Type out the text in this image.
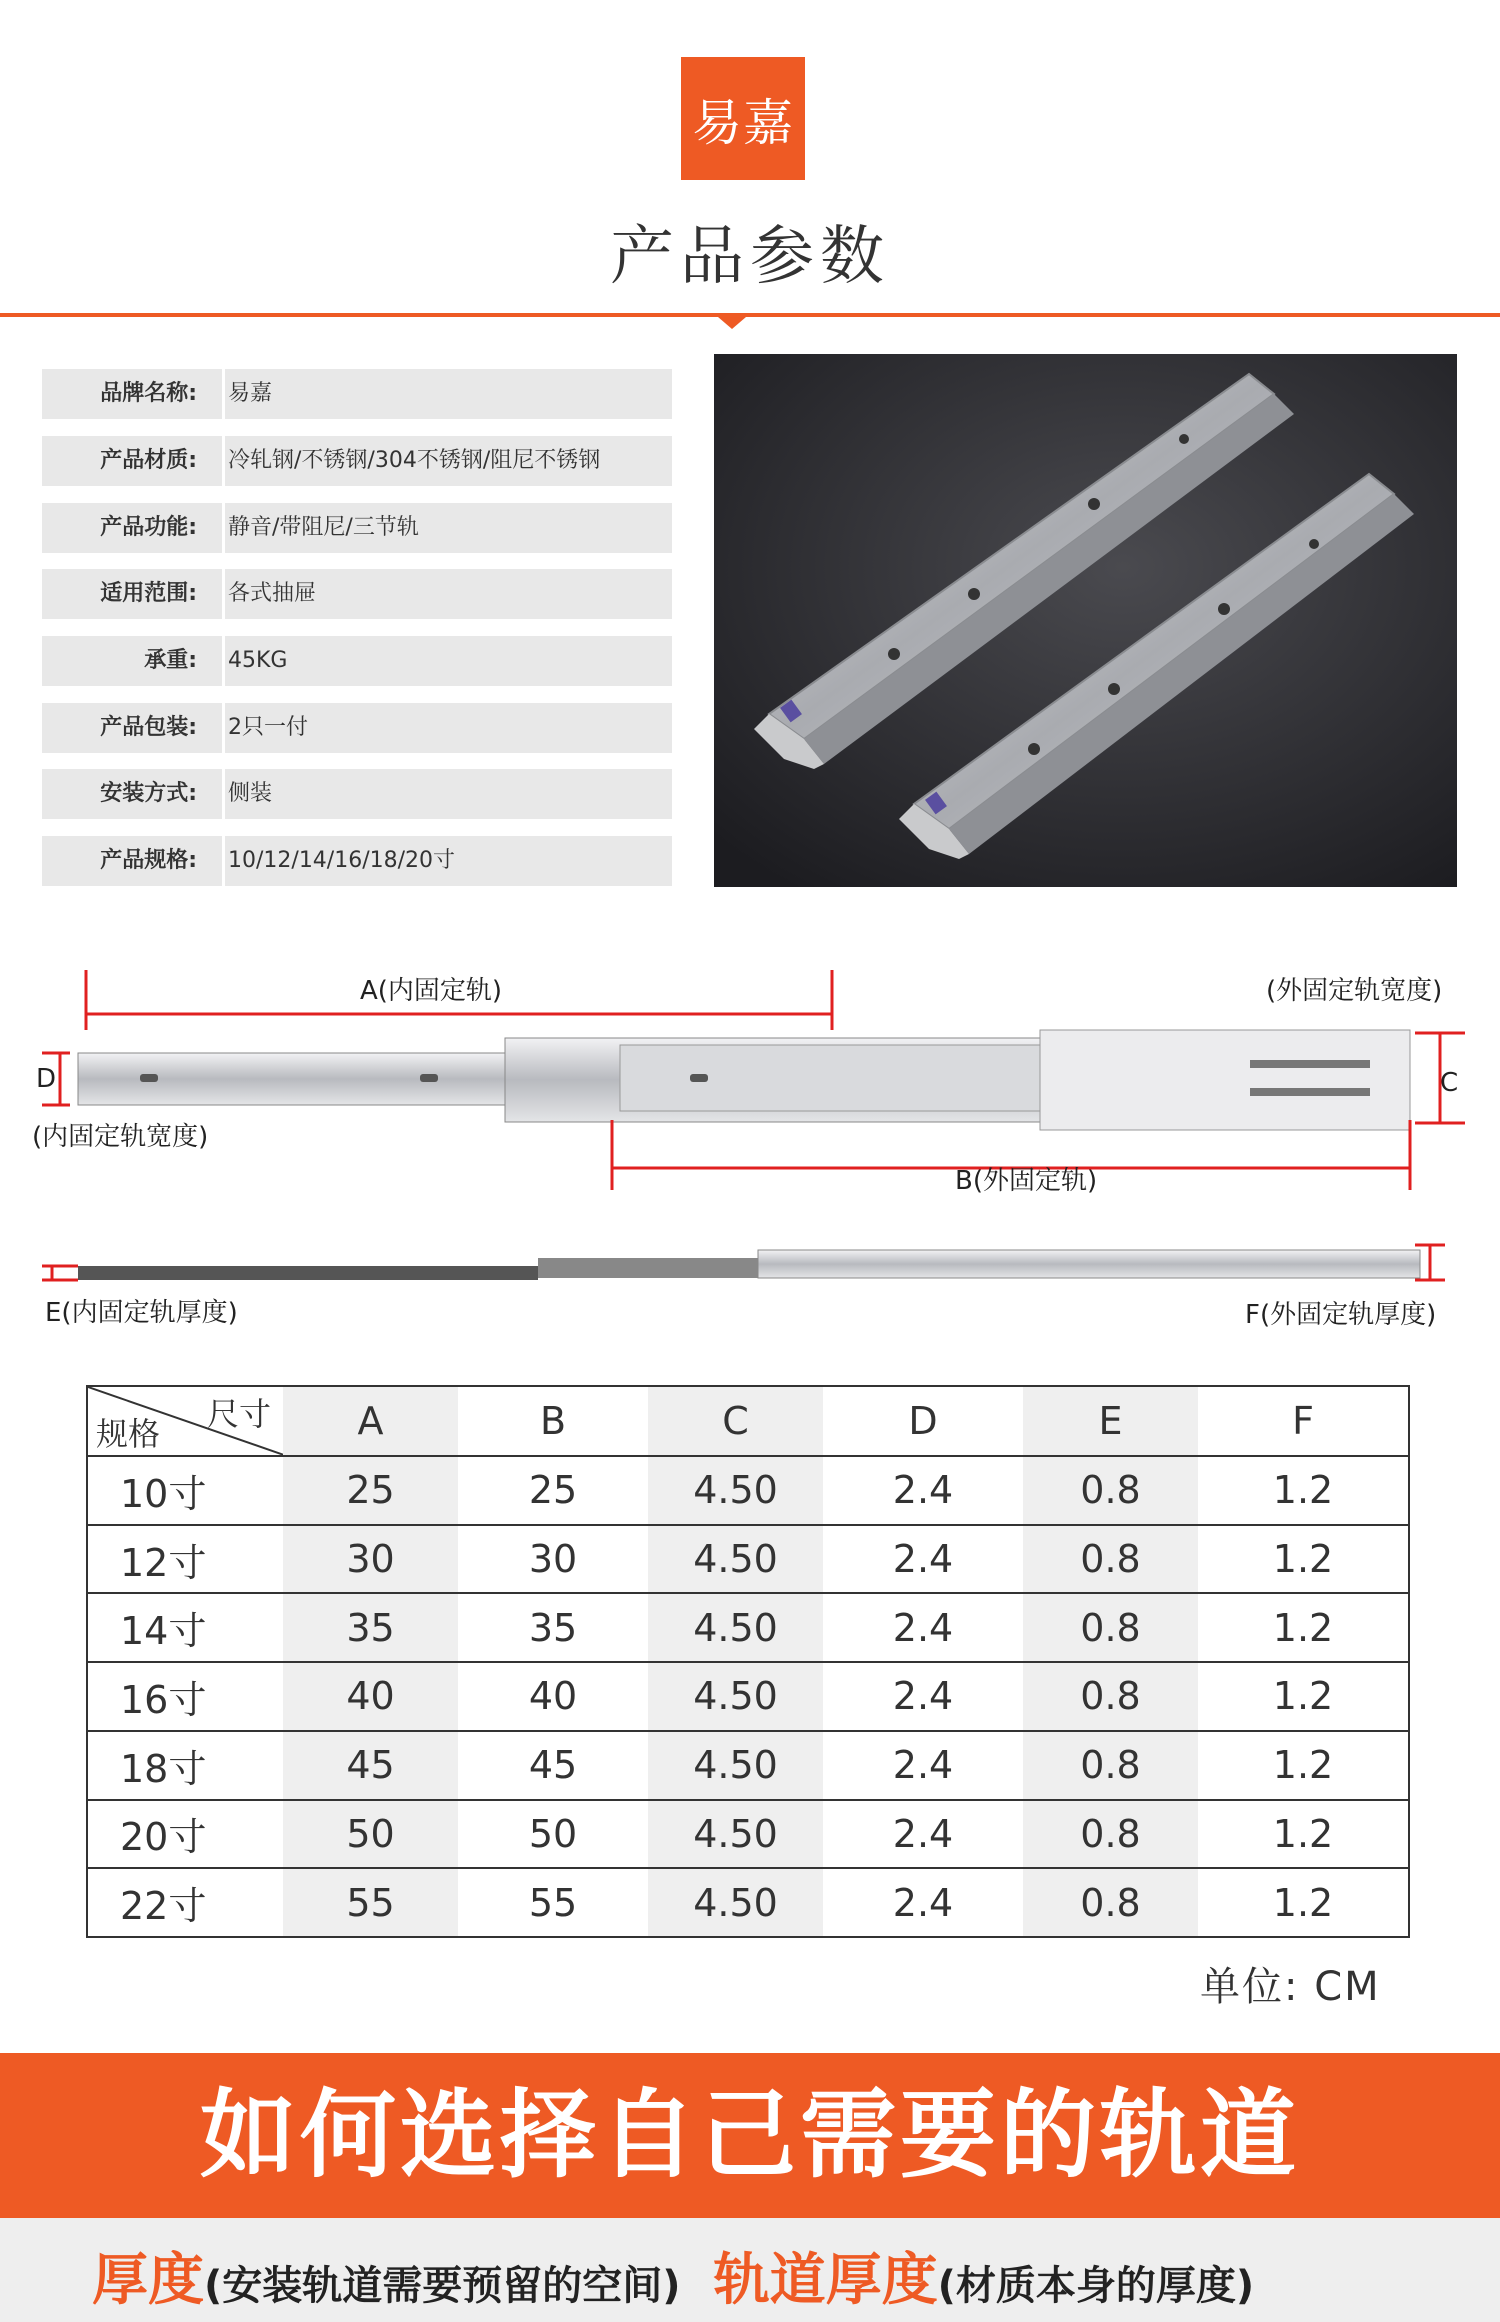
易嘉
产品参数
品牌名称: 易嘉
产品材质: 冷轧钢/不锈钢/304不锈钢/阻尼不锈钢
产品功能: 静音/带阻尼/三节轨
适用范围: 各式抽屉
承重: 45KG
产品包装: 2只一付
安装方式: 侧装
产品规格: 10/12/14/16/18/20寸
A(内固定轨)
B(外固定轨)
(外固定轨宽度)
C
D
(内固定轨宽度)
E(内固定轨厚度)	F(外固定轨厚度)
尺寸
规格	A	B	C	D	E	F
10寸	25	25	4.50	2.4	0.8	1.2
12寸	30	30	4.50	2.4	0.8	1.2
14寸	35	35	4.50	2.4	0.8	1.2
16寸	40	40	4.50	2.4	0.8	1.2
18寸	45	45	4.50	2.4	0.8	1.2
20寸	50	50	4.50	2.4	0.8	1.2
22寸	55	55	4.50	2.4	0.8	1.2
单位: CM
如何选择自己需要的轨道
厚度(安装轨道需要预留的空间) 轨道厚度(材质本身的厚度)
